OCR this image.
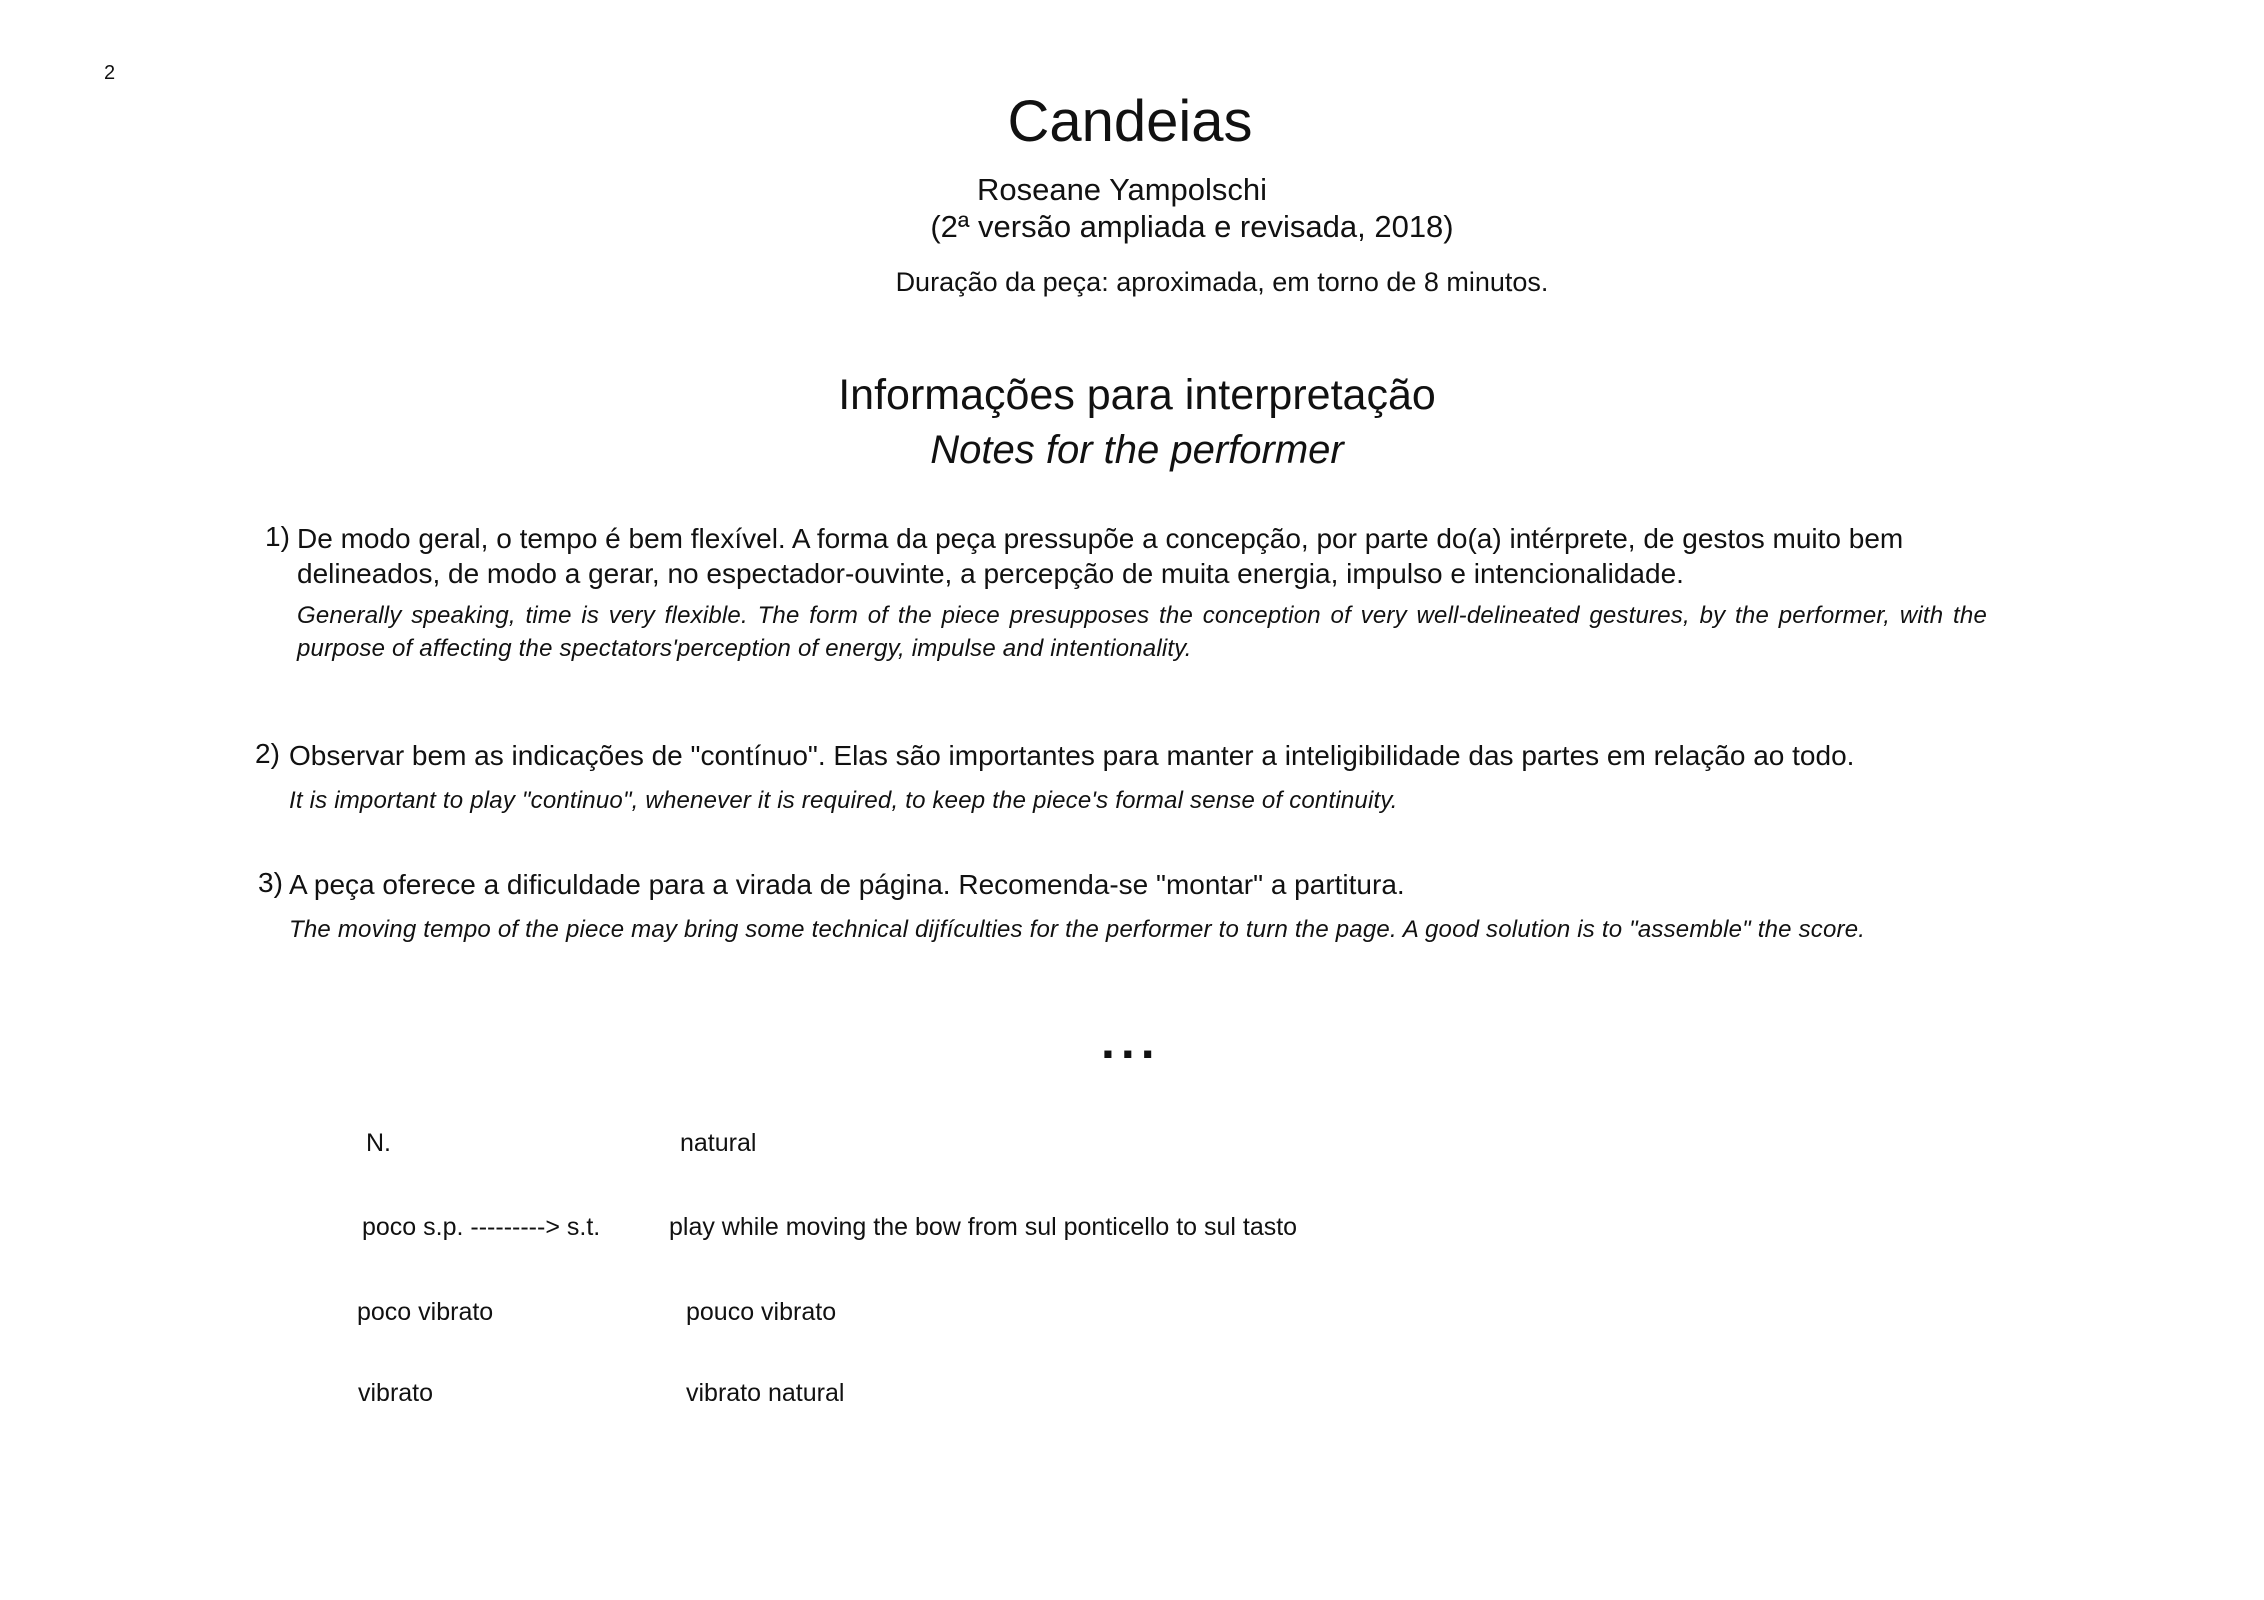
2
Candeias
Roseane Yampolschi
(2ª versão ampliada e revisada, 2018)
Duração da peça: aproximada, em torno de 8 minutos.
Informações para interpretação
Notes for the performer
1) De modo geral, o tempo é bem flexível. A forma da peça pressupõe a concepção, por parte do(a) intérprete, de gestos muito bem delineados, de modo a gerar, no espectador-ouvinte, a percepção de muita energia, impulso e intencionalidade.
Generally speaking, time is very flexible. The form of the piece presupposes the conception of very well-delineated gestures, by the performer, with the purpose of affecting the spectators'perception of energy, impulse and intentionality.
2) Observar bem as indicações de "contínuo". Elas são importantes para manter a inteligibilidade das partes em relação ao todo.
It is important to play "continuo", whenever it is required, to keep the piece's formal sense of continuity.
3) A peça oferece a dificuldade para a virada de página. Recomenda-se "montar" a partitura.
The moving tempo of the piece may bring some technical dijfículties for the performer to turn the page. A good solution is to "assemble" the score.
...
N.	natural
poco s.p. ---------> s.t.	play while moving the bow from sul ponticello to sul tasto
poco vibrato	pouco vibrato
vibrato	vibrato natural
